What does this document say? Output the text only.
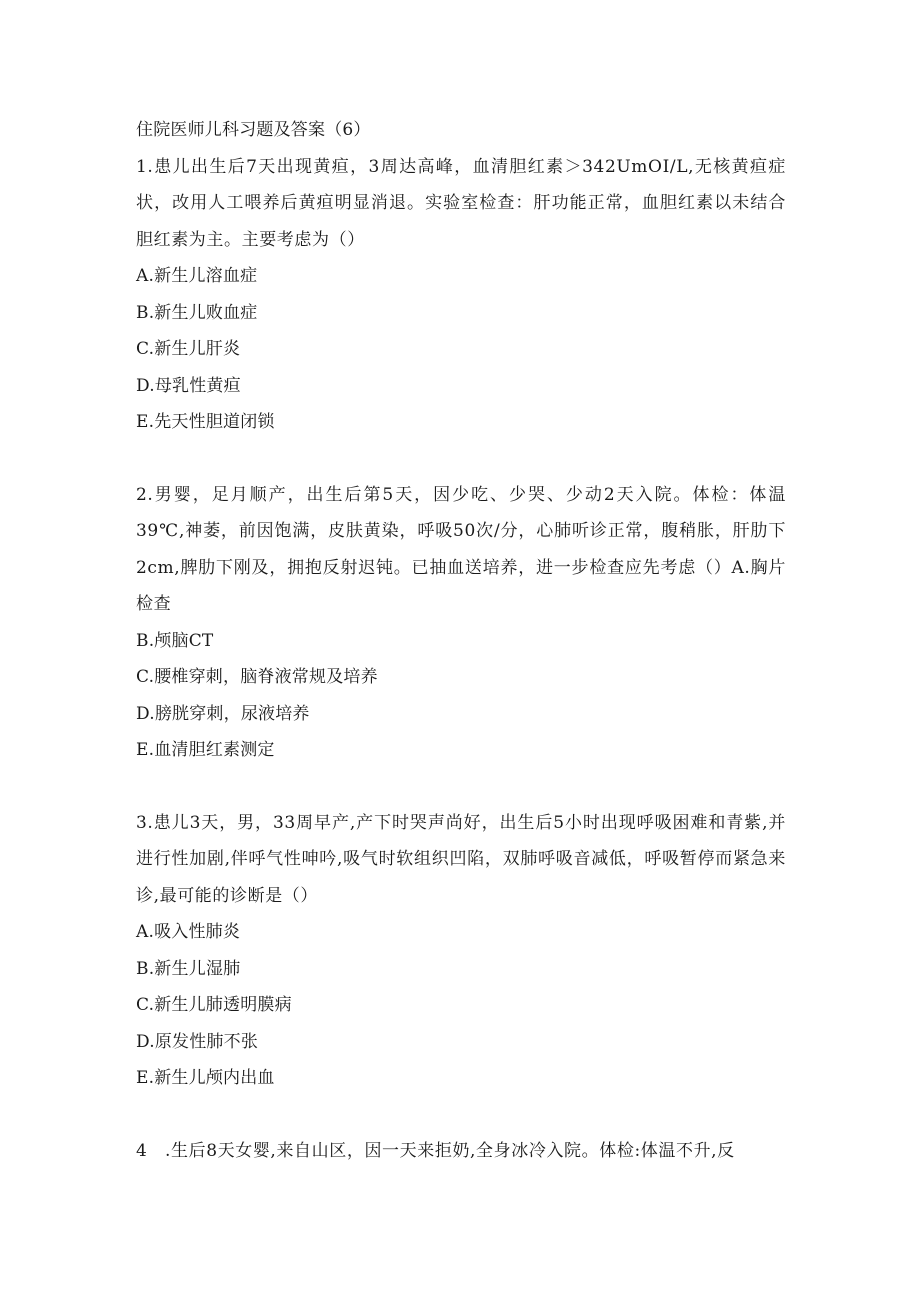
住院医师儿科习题及答案（6）
1.患儿出生后7天出现黄疸，3周达高峰，血清胆红素＞342UmOI/L,无核黄疸症状，改用人工喂养后黄疸明显消退。实验室检查：肝功能正常，血胆红素以未结合胆红素为主。主要考虑为（）
A.新生儿溶血症
B.新生儿败血症
C.新生儿肝炎
D.母乳性黄疸
E.先天性胆道闭锁
2.男婴，足月顺产，出生后第5天，因少吃、少哭、少动2天入院。体检：体温39℃,神萎，前因饱满，皮肤黄染，呼吸50次/分，心肺听诊正常，腹稍胀，肝肋下2cm,脾肋下刚及，拥抱反射迟钝。已抽血送培养，进一步检查应先考虑（）A.胸片检查
B.颅脑CT
C.腰椎穿刺，脑脊液常规及培养
D.膀胱穿刺，尿液培养
E.血清胆红素测定
3.患儿3天，男，33周早产,产下时哭声尚好，出生后5小时出现呼吸困难和青紫,并进行性加剧,伴呼气性呻吟,吸气时软组织凹陷，双肺呼吸音减低，呼吸暂停而紧急来诊,最可能的诊断是（）
A.吸入性肺炎
B.新生儿湿肺
C.新生儿肺透明膜病
D.原发性肺不张
E.新生儿颅内出血
4　.生后8天女婴,来自山区，因一天来拒奶,全身冰冷入院。体检:体温不升,反
